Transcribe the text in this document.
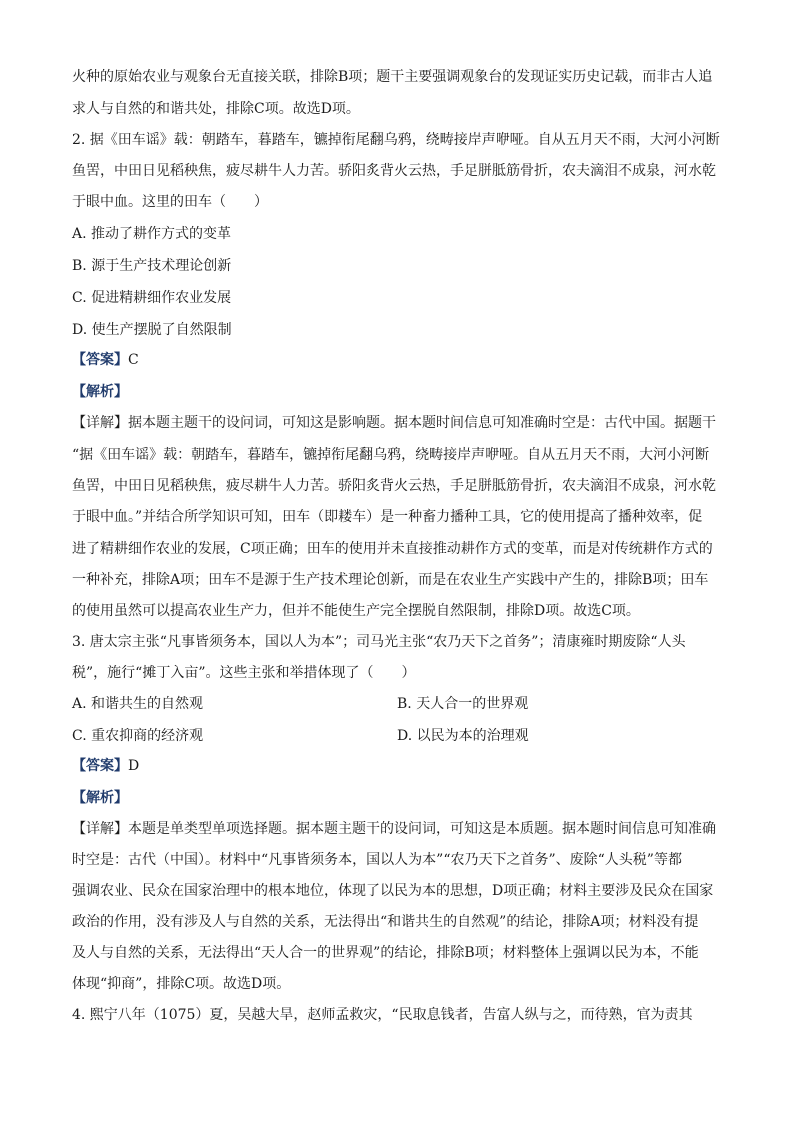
火种的原始农业与观象台无直接关联，排除B项；题干主要强调观象台的发现证实历史记载，而非古人追

求人与自然的和谐共处，排除C项。故选D项。

2. 据《田车谣》载：朝踏车，暮踏车，镳掉衔尾翻乌鸦，绕畴接岸声咿哑。自从五月天不雨，大河小河断

鱼罟，中田日见稻秧焦，疲尽耕牛人力苦。骄阳炙背火云热，手足胼胝筋骨折，农夫滴泪不成泉，河水乾

于眼中血。这里的田车（　　）

A. 推动了耕作方式的变革

B. 源于生产技术理论创新

C. 促进精耕细作农业发展

D. 使生产摆脱了自然限制

【答案】C

【解析】

【详解】据本题主题干的设问词，可知这是影响题。据本题时间信息可知准确时空是：古代中国。据题干

“据《田车谣》载：朝踏车，暮踏车，镳掉衔尾翻乌鸦，绕畴接岸声咿哑。自从五月天不雨，大河小河断

鱼罟，中田日见稻秧焦，疲尽耕牛人力苦。骄阳炙背火云热，手足胼胝筋骨折，农夫滴泪不成泉，河水乾

于眼中血。”并结合所学知识可知，田车（即耧车）是一种畜力播种工具，它的使用提高了播种效率，促

进了精耕细作农业的发展，C项正确；田车的使用并未直接推动耕作方式的变革，而是对传统耕作方式的

一种补充，排除A项；田车不是源于生产技术理论创新，而是在农业生产实践中产生的，排除B项；田车

的使用虽然可以提高农业生产力，但并不能使生产完全摆脱自然限制，排除D项。故选C项。

3. 唐太宗主张“凡事皆须务本，国以人为本”；司马光主张“农乃天下之首务”；清康雍时期废除“人头

税”，施行“摊丁入亩”。这些主张和举措体现了（　　）

A. 和谐共生的自然观	B. 天人合一的世界观
C. 重农抑商的经济观	D. 以民为本的治理观

【答案】D

【解析】

【详解】本题是单类型单项选择题。据本题主题干的设问词，可知这是本质题。据本题时间信息可知准确

时空是：古代（中国）。材料中“凡事皆须务本，国以人为本”“农乃天下之首务”、废除“人头税”等都

强调农业、民众在国家治理中的根本地位，体现了以民为本的思想，D项正确；材料主要涉及民众在国家

政治的作用，没有涉及人与自然的关系，无法得出“和谐共生的自然观”的结论，排除A项；材料没有提

及人与自然的关系，无法得出“天人合一的世界观”的结论，排除B项；材料整体上强调以民为本，不能

体现“抑商”，排除C项。故选D项。

4. 熙宁八年（1075）夏，吴越大旱，赵师孟救灾，“民取息钱者，告富人纵与之，而待熟，官为责其
